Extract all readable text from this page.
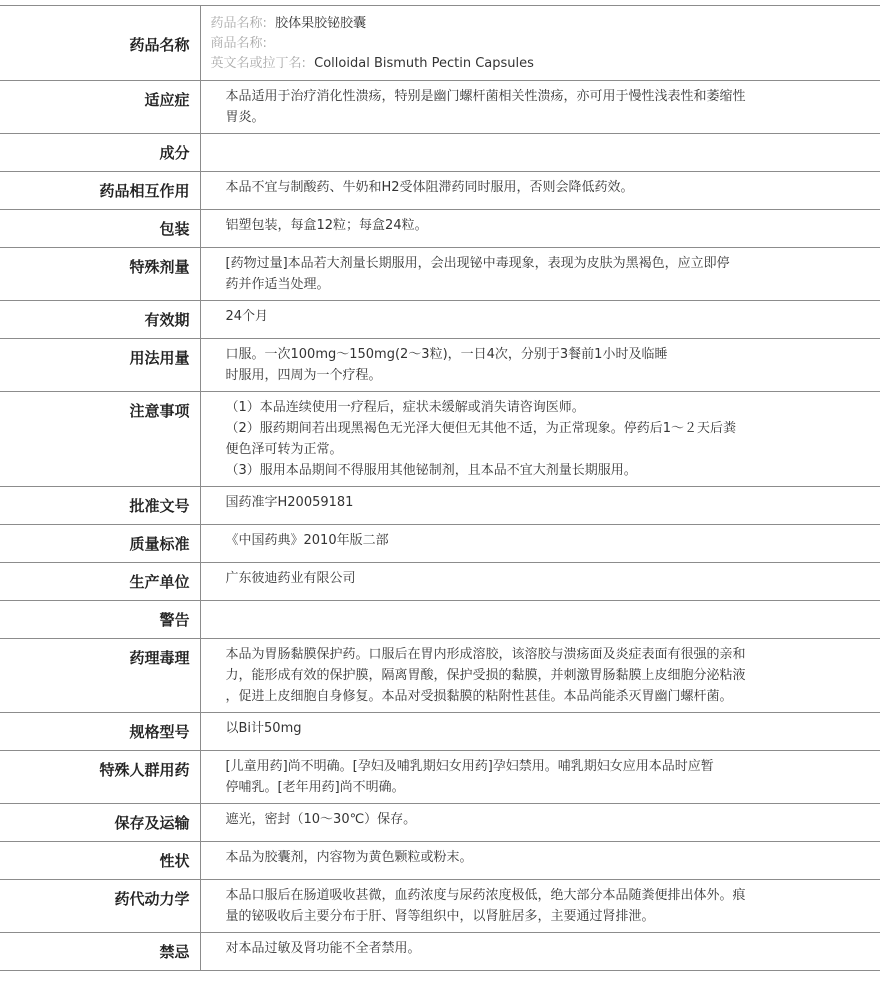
药品名称	药品名称: 胶体果胶铋胶囊
商品名称:
英文名或拉丁名: Colloidal Bismuth Pectin Capsules

适应症	本品适用于治疗消化性溃疡，特别是幽门螺杆菌相关性溃疡，亦可用于慢性浅表性和萎缩性
胃炎。

成分	
药品相互作用	本品不宜与制酸药、牛奶和H2受体阻滞药同时服用，否则会降低药效。

包装	铝塑包装，每盒12粒；每盒24粒。

特殊剂量	[药物过量]本品若大剂量长期服用，会出现铋中毒现象，表现为皮肤为黑褐色，应立即停
药并作适当处理。

有效期	24个月

用法用量	口服。一次100mg～150mg(2～3粒)，一日4次，分别于3餐前1小时及临睡
时服用，四周为一个疗程。

注意事项	（1）本品连续使用一疗程后，症状未缓解或消失请咨询医师。
（2）服药期间若出现黑褐色无光泽大便但无其他不适，为正常现象。停药后1～２天后粪
便色泽可转为正常。
（3）服用本品期间不得服用其他铋制剂，且本品不宜大剂量长期服用。

批准文号	国药准字H20059181

质量标准	《中国药典》2010年版二部

生产单位	广东彼迪药业有限公司

警告	
药理毒理	本品为胃肠黏膜保护药。口服后在胃内形成溶胶，该溶胶与溃疡面及炎症表面有很强的亲和
力，能形成有效的保护膜，隔离胃酸，保护受损的黏膜，并刺激胃肠黏膜上皮细胞分泌粘液
，促进上皮细胞自身修复。本品对受损黏膜的粘附性甚佳。本品尚能杀灭胃幽门螺杆菌。

规格型号	以Bi计50mg

特殊人群用药	[儿童用药]尚不明确。[孕妇及哺乳期妇女用药]孕妇禁用。哺乳期妇女应用本品时应暂
停哺乳。[老年用药]尚不明确。

保存及运输	遮光，密封（10～30℃）保存。

性状	本品为胶囊剂，内容物为黄色颗粒或粉末。

药代动力学	本品口服后在肠道吸收甚微，血药浓度与尿药浓度极低，绝大部分本品随粪便排出体外。痕
量的铋吸收后主要分布于肝、肾等组织中，以肾脏居多，主要通过肾排泄。

禁忌	对本品过敏及肾功能不全者禁用。
